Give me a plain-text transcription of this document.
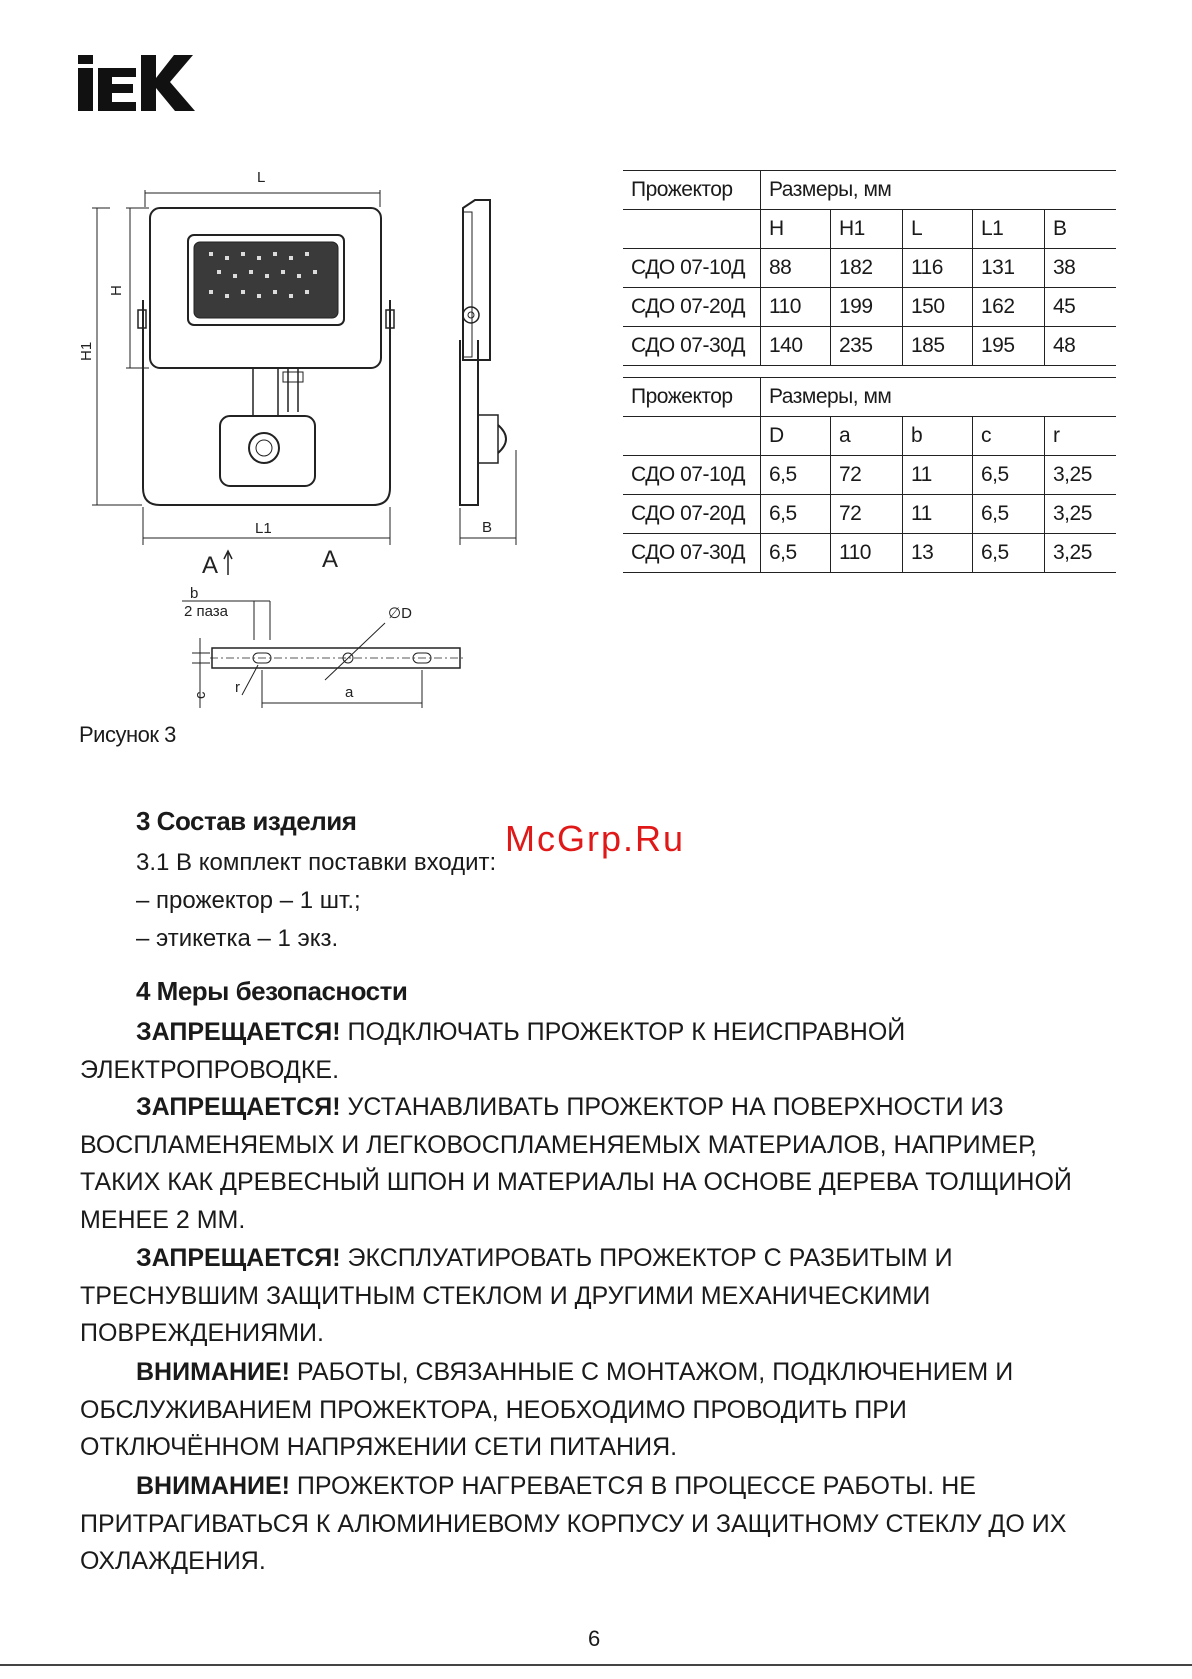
L
H
H1
L1	B
A	A
b
2 паза	∅D
r
c	a
Рисунок 3
Прожектор	Размеры, мм				
	H	H1	L	L1	B
СДО 07-10Д	88	182	116	131	38
СДО 07-20Д	110	199	150	162	45
СДО 07-30Д	140	235	185	195	48
Прожектор	Размеры, мм				
	D	a	b	c	r
СДО 07-10Д	6,5	72	11	6,5	3,25
СДО 07-20Д	6,5	72	11	6,5	3,25
СДО 07-30Д	6,5	110	13	6,5	3,25
3 Состав изделия
3.1 В комплект поставки входит:
– прожектор – 1 шт.;
– этикетка – 1 экз.
McGrp.Ru
4 Меры безопасности
ЗАПРЕЩАЕТСЯ! ПОДКЛЮЧАТЬ ПРОЖЕКТОР К НЕИСПРАВНОЙ ЭЛЕКТРОПРОВОДКЕ.
ЗАПРЕЩАЕТСЯ! УСТАНАВЛИВАТЬ ПРОЖЕКТОР НА ПОВЕРХНОСТИ ИЗ ВОСПЛАМЕНЯЕМЫХ И ЛЕГКОВОСПЛАМЕНЯЕМЫХ МАТЕРИАЛОВ, НАПРИМЕР, ТАКИХ КАК ДРЕВЕСНЫЙ ШПОН И МАТЕРИАЛЫ НА ОСНОВЕ ДЕРЕВА ТОЛЩИНОЙ МЕНЕЕ 2 ММ.
ЗАПРЕЩАЕТСЯ! ЭКСПЛУАТИРОВАТЬ ПРОЖЕКТОР С РАЗБИТЫМ И ТРЕСНУВШИМ ЗАЩИТНЫМ СТЕКЛОМ И ДРУГИМИ МЕХАНИЧЕСКИМИ ПОВРЕЖДЕНИЯМИ.
ВНИМАНИЕ! РАБОТЫ, СВЯЗАННЫЕ С МОНТАЖОМ, ПОДКЛЮЧЕНИЕМ И ОБСЛУЖИВАНИЕМ ПРОЖЕКТОРА, НЕОБХОДИМО ПРОВОДИТЬ ПРИ ОТКЛЮЧЁННОМ НАПРЯЖЕНИИ СЕТИ ПИТАНИЯ.
ВНИМАНИЕ! ПРОЖЕКТОР НАГРЕВАЕТСЯ В ПРОЦЕССЕ РАБОТЫ. НЕ ПРИТРАГИВАТЬСЯ К АЛЮМИНИЕВОМУ КОРПУСУ И ЗАЩИТНОМУ СТЕКЛУ ДО ИХ ОХЛАЖДЕНИЯ.
6
